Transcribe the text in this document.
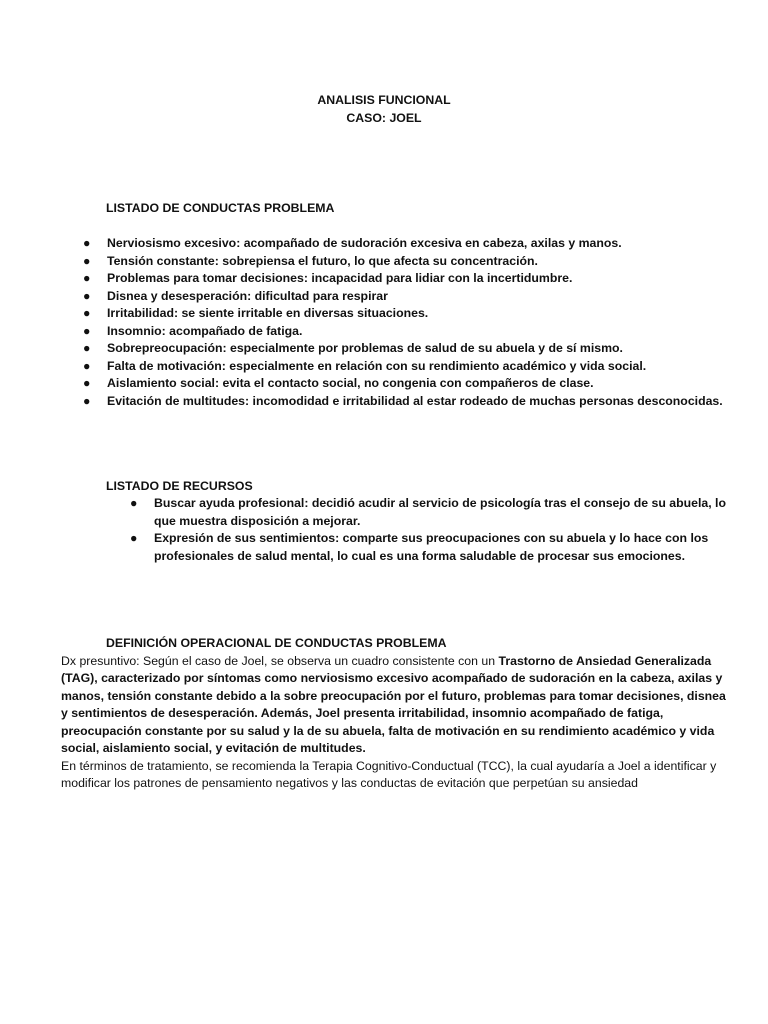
ANALISIS FUNCIONAL
CASO: JOEL
LISTADO DE CONDUCTAS PROBLEMA
● Nerviosismo excesivo: acompañado de sudoración excesiva en cabeza, axilas y manos.
● Tensión constante: sobrepiensa el futuro, lo que afecta su concentración.
● Problemas para tomar decisiones: incapacidad para lidiar con la incertidumbre.
● Disnea y desesperación: dificultad para respirar
● Irritabilidad: se siente irritable en diversas situaciones.
● Insomnio: acompañado de fatiga.
● Sobrepreocupación: especialmente por problemas de salud de su abuela y de sí mismo.
● Falta de motivación: especialmente en relación con su rendimiento académico y vida social.
● Aislamiento social: evita el contacto social, no congenia con compañeros de clase.
● Evitación de multitudes: incomodidad e irritabilidad al estar rodeado de muchas personas desconocidas.
LISTADO DE RECURSOS
● Buscar ayuda profesional: decidió acudir al servicio de psicología tras el consejo de su abuela, lo que muestra disposición a mejorar.
● Expresión de sus sentimientos: comparte sus preocupaciones con su abuela y lo hace con los profesionales de salud mental, lo cual es una forma saludable de procesar sus emociones.

DEFINICIÓN OPERACIONAL DE CONDUCTAS PROBLEMA

Dx presuntivo: Según el caso de Joel, se observa un cuadro consistente con un Trastorno de Ansiedad Generalizada (TAG), caracterizado por síntomas como nerviosismo excesivo acompañado de sudoración en la cabeza, axilas y manos, tensión constante debido a la sobre preocupación por el futuro, problemas para tomar decisiones, disnea y sentimientos de desesperación. Además, Joel presenta irritabilidad, insomnio acompañado de fatiga, preocupación constante por su salud y la de su abuela, falta de motivación en su rendimiento académico y vida social, aislamiento social, y evitación de multitudes.

En términos de tratamiento, se recomienda la Terapia Cognitivo-Conductual (TCC), la cual ayudaría a Joel a identificar y modificar los patrones de pensamiento negativos y las conductas de evitación que perpetúan su ansiedad
